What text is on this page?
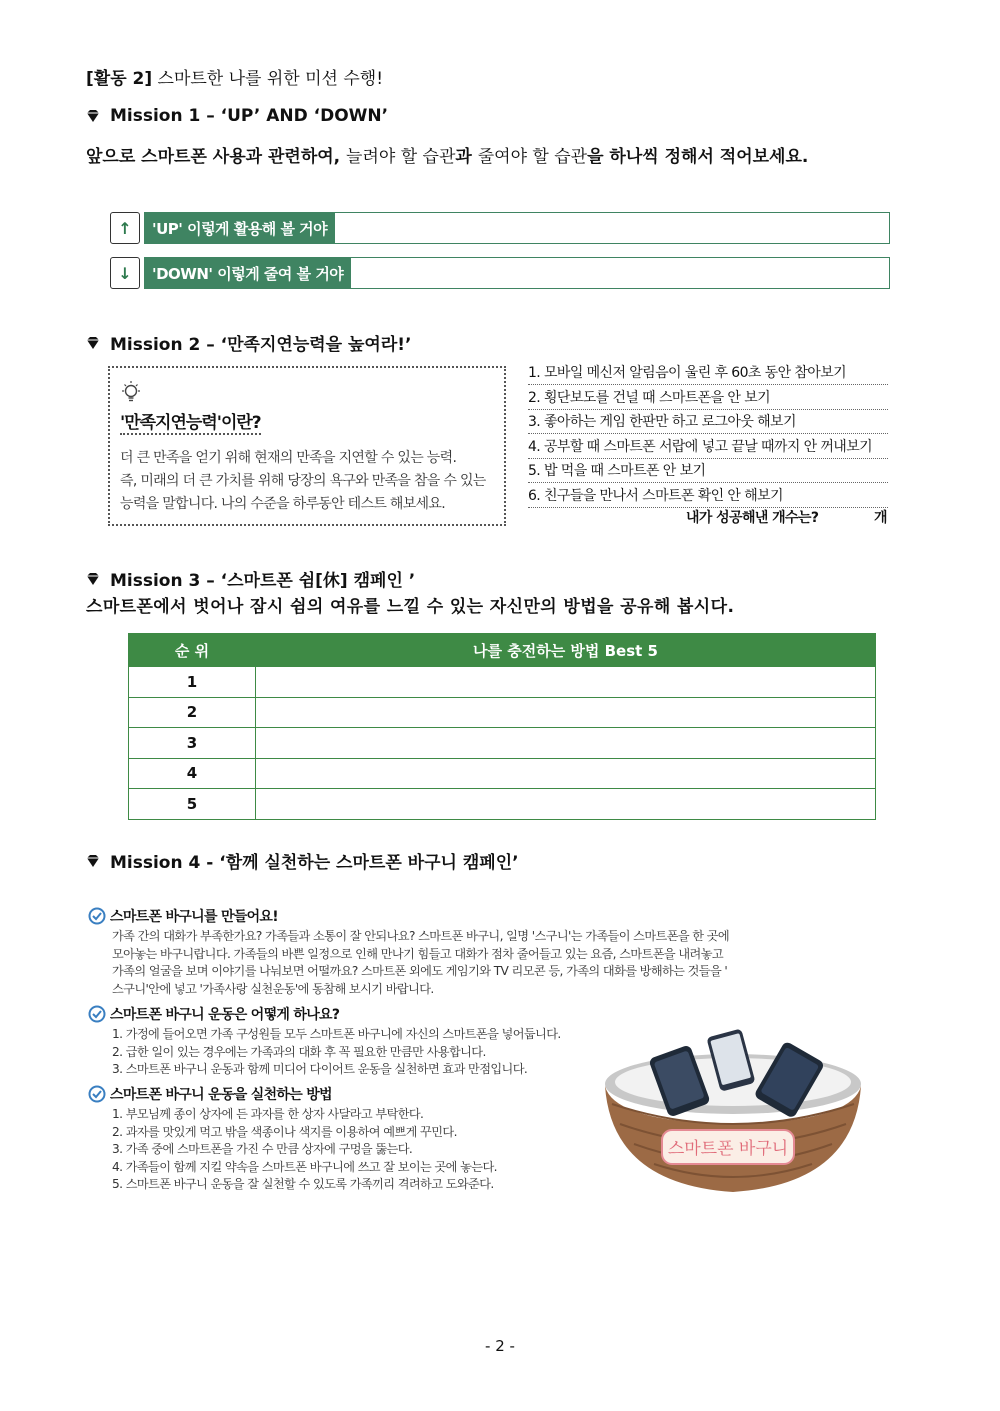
[활동 2] 스마트한 나를 위한 미션 수행!
Mission 1 – ‘UP’ AND ‘DOWN’
앞으로 스마트폰 사용과 관련하여, 늘려야 할 습관과 줄여야 할 습관을 하나씩 정해서 적어보세요.
↑	'UP' 이렇게 활용해 볼 거야
↓	'DOWN' 이렇게 줄여 볼 거야
Mission 2 – ‘만족지연능력을 높여라!’
'만족지연능력'이란?
더 큰 만족을 얻기 위해 현재의 만족을 지연할 수 있는 능력.
즉, 미래의 더 큰 가치를 위해 당장의 욕구와 만족을 참을 수 있는
능력을 말합니다. 나의 수준을 하루동안 테스트 해보세요.
1. 모바일 메신저 알림음이 울린 후 60초 동안 참아보기
2. 횡단보도를 건널 때 스마트폰을 안 보기
3. 좋아하는 게임 한판만 하고 로그아웃 해보기
4. 공부할 때 스마트폰 서랍에 넣고 끝날 때까지 안 꺼내보기
5. 밥 먹을 때 스마트폰 안 보기
6. 친구들을 만나서 스마트폰 확인 안 해보기
내가 성공해낸 개수는?	개
Mission 3 – ‘스마트폰 쉼[休] 캠페인 ’
스마트폰에서 벗어나 잠시 쉼의 여유를 느낄 수 있는 자신만의 방법을 공유해 봅시다.
순 위	나를 충전하는 방법 Best 5
1	
2	
3	
4	
5	
Mission 4 - ‘함께 실천하는 스마트폰 바구니 캠페인’
스마트폰 바구니
스마트폰 바구니를 만들어요!
가족 간의 대화가 부족한가요? 가족들과 소통이 잘 안되나요? 스마트폰 바구니, 일명 '스구니'는 가족들이 스마트폰을 한 곳에
모아놓는 바구니랍니다. 가족들의 바쁜 일정으로 인해 만나기 힘들고 대화가 점차 줄어들고 있는 요즘, 스마트폰을 내려놓고
가족의 얼굴을 보며 이야기를 나눠보면 어떨까요? 스마트폰 외에도 게임기와 TV 리모콘 등, 가족의 대화를 방해하는 것들을 '
스구니'안에 넣고 '가족사랑 실천운동'에 동참해 보시기 바랍니다.
스마트폰 바구니 운동은 어떻게 하나요?
1. 가정에 들어오면 가족 구성원들 모두 스마트폰 바구니에 자신의 스마트폰을 넣어둡니다.
2. 급한 일이 있는 경우에는 가족과의 대화 후 꼭 필요한 만큼만 사용합니다.
3. 스마트폰 바구니 운동과 함께 미디어 다이어트 운동을 실천하면 효과 만점입니다.
스마트폰 바구니 운동을 실천하는 방법
1. 부모님께 종이 상자에 든 과자를 한 상자 사달라고 부탁한다.
2. 과자를 맛있게 먹고 밖을 색종이나 색지를 이용하여 예쁘게 꾸민다.
3. 가족 중에 스마트폰을 가진 수 만큼 상자에 구멍을 뚫는다.
4. 가족들이 함께 지킬 약속을 스마트폰 바구니에 쓰고 잘 보이는 곳에 놓는다.
5. 스마트폰 바구니 운동을 잘 실천할 수 있도록 가족끼리 격려하고 도와준다.
- 2 -
